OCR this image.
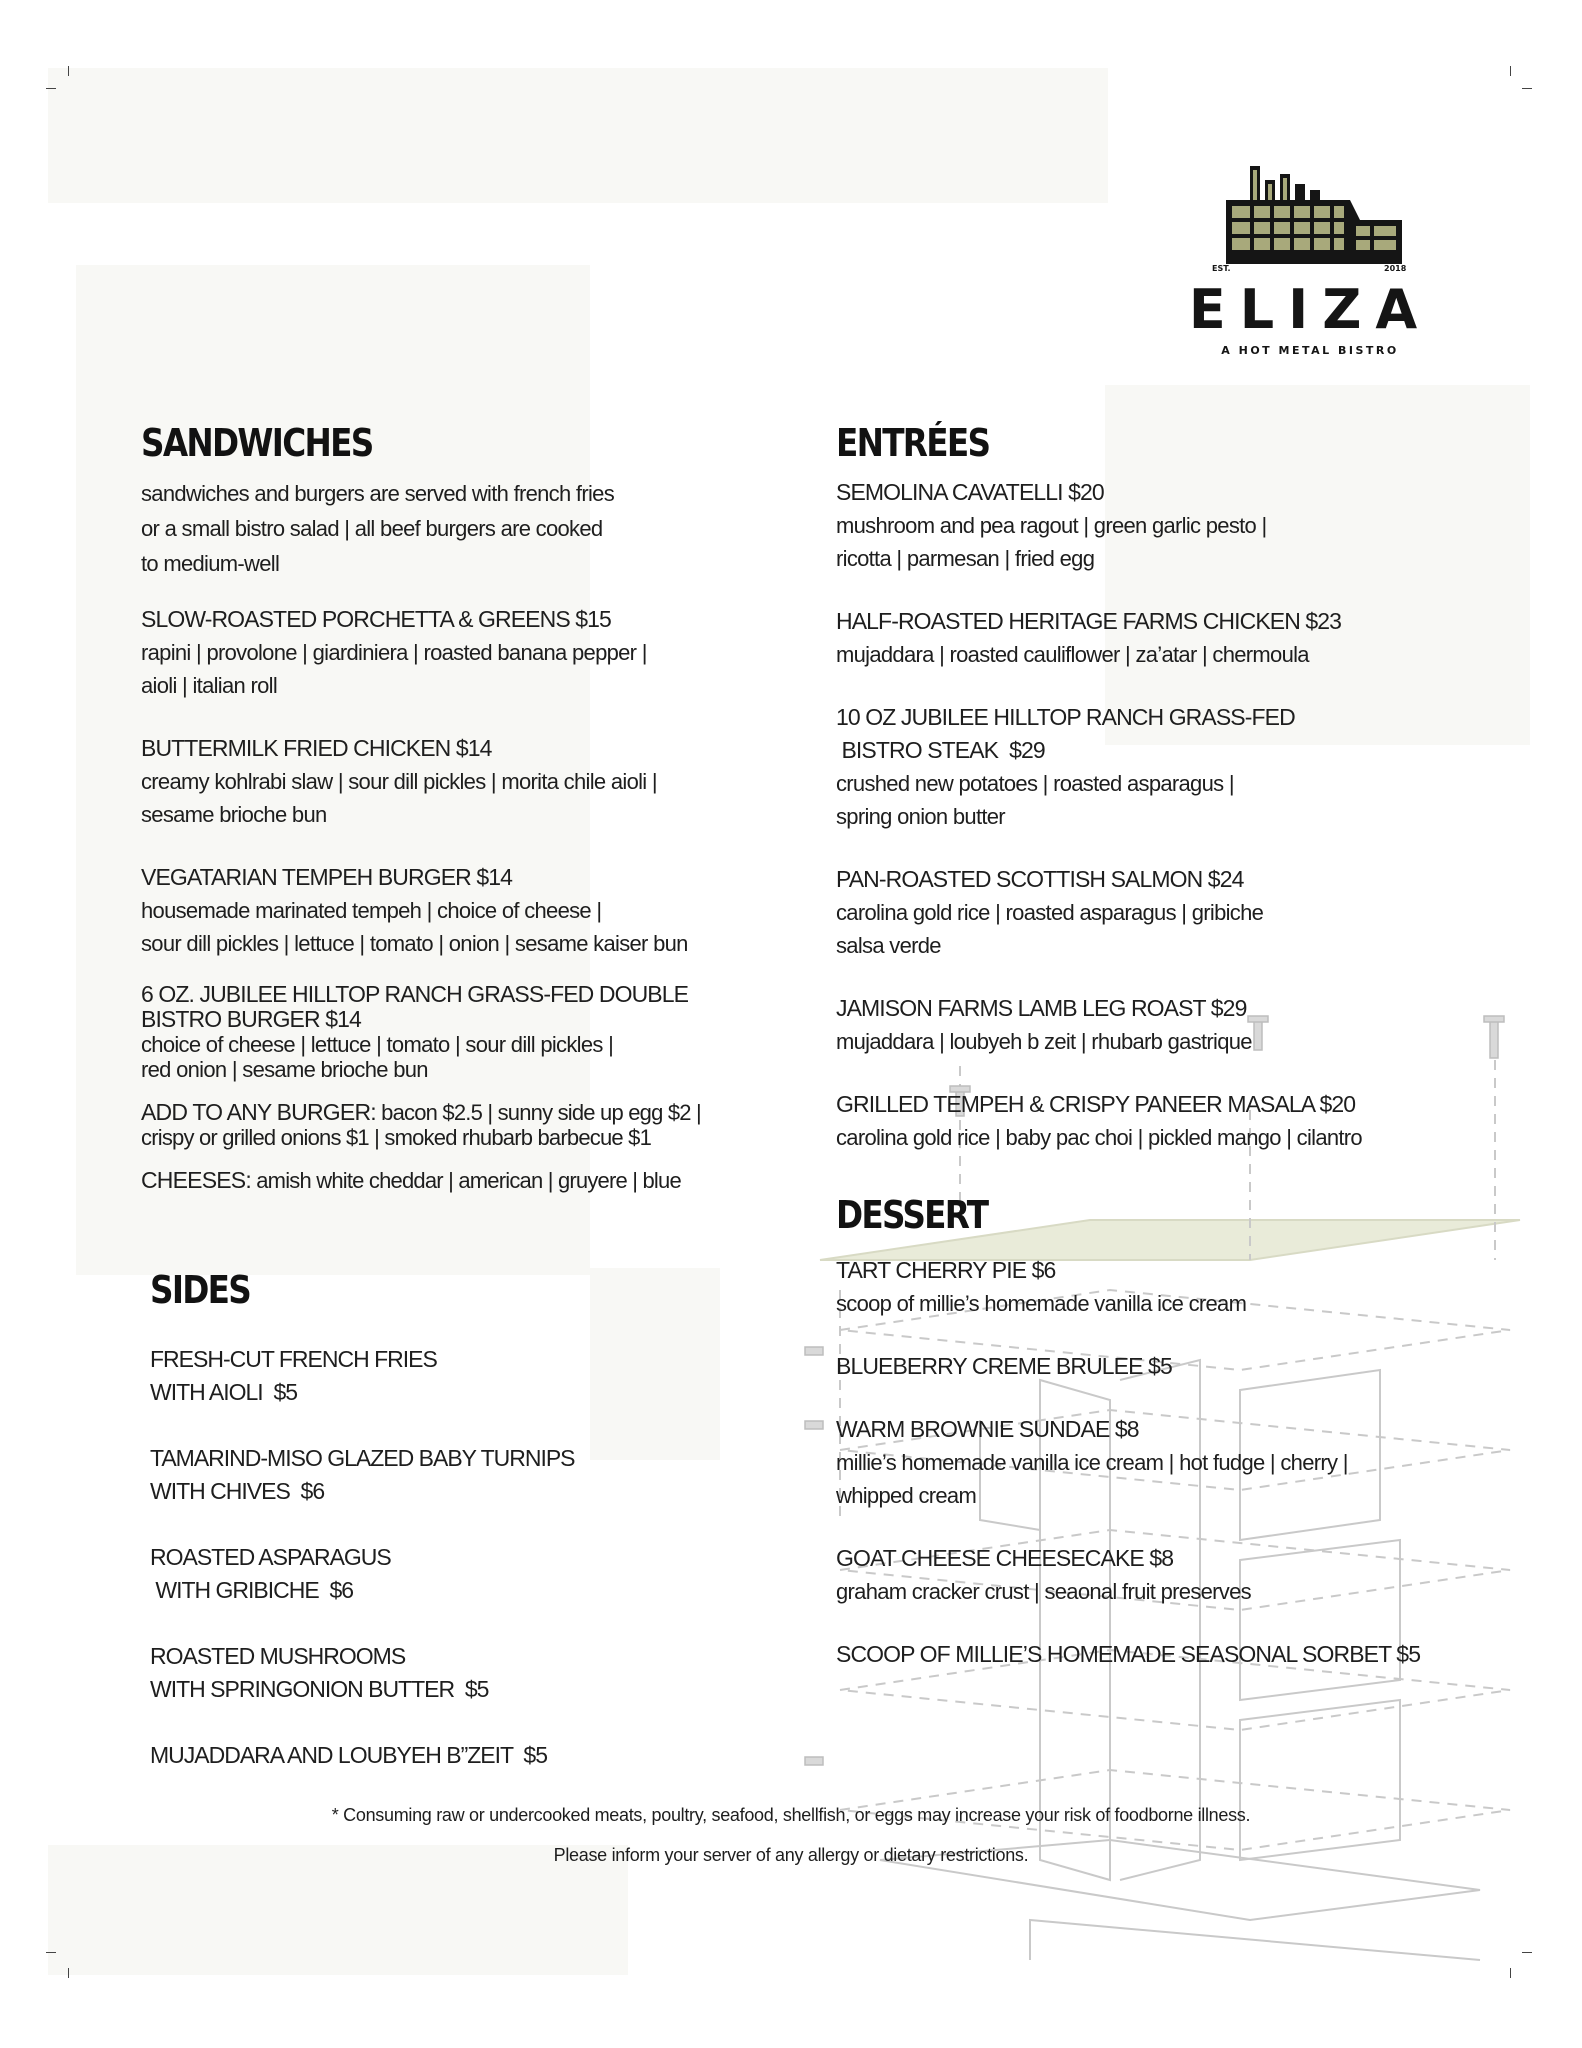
EST.	2018
ELIZA
A HOT METAL BISTRO
SANDWICHES
sandwiches and burgers are served with french fries
or a small bistro salad | all beef burgers are cooked
to medium-well
SLOW-ROASTED PORCHETTA & GREENS $15
rapini | provolone | giardiniera | roasted banana pepper |
aioli | italian roll
BUTTERMILK FRIED CHICKEN $14
creamy kohlrabi slaw | sour dill pickles | morita chile aioli |
sesame brioche bun
VEGATARIAN TEMPEH BURGER $14
housemade marinated tempeh | choice of cheese |
sour dill pickles | lettuce | tomato | onion | sesame kaiser bun
6 OZ. JUBILEE HILLTOP RANCH GRASS-FED DOUBLE
BISTRO BURGER $14
choice of cheese | lettuce | tomato | sour dill pickles |
red onion | sesame brioche bun
ADD TO ANY BURGER: bacon $2.5 | sunny side up egg $2 |
crispy or grilled onions $1 | smoked rhubarb barbecue $1
CHEESES: amish white cheddar | american | gruyere | blue
SIDES
FRESH-CUT FRENCH FRIES
WITH AIOLI  $5
TAMARIND-MISO GLAZED BABY TURNIPS
WITH CHIVES  $6
ROASTED ASPARAGUS
WITH GRIBICHE  $6
ROASTED MUSHROOMS
WITH SPRINGONION BUTTER  $5
MUJADDARA AND LOUBYEH B”ZEIT  $5
ENTRÉES
SEMOLINA CAVATELLI $20
mushroom and pea ragout | green garlic pesto |
ricotta | parmesan | fried egg
HALF-ROASTED HERITAGE FARMS CHICKEN $23
mujaddara | roasted cauliflower | za’atar | chermoula
10 OZ JUBILEE HILLTOP RANCH GRASS-FED
BISTRO STEAK  $29
crushed new potatoes | roasted asparagus |
spring onion butter
PAN-ROASTED SCOTTISH SALMON $24
carolina gold rice | roasted asparagus | gribiche
salsa verde
JAMISON FARMS LAMB LEG ROAST $29
mujaddara | loubyeh b zeit | rhubarb gastrique
GRILLED TEMPEH & CRISPY PANEER MASALA $20
carolina gold rice | baby pac choi | pickled mango | cilantro
DESSERT
TART CHERRY PIE $6
scoop of millie’s homemade vanilla ice cream
BLUEBERRY CREME BRULEE $5
WARM BROWNIE SUNDAE $8
millie’s homemade vanilla ice cream | hot fudge | cherry |
whipped cream
GOAT CHEESE CHEESECAKE $8
graham cracker crust | seaonal fruit preserves
SCOOP OF MILLIE’S HOMEMADE SEASONAL SORBET $5
* Consuming raw or undercooked meats, poultry, seafood, shellfish, or eggs may increase your risk of foodborne illness.
Please inform your server of any allergy or dietary restrictions.
